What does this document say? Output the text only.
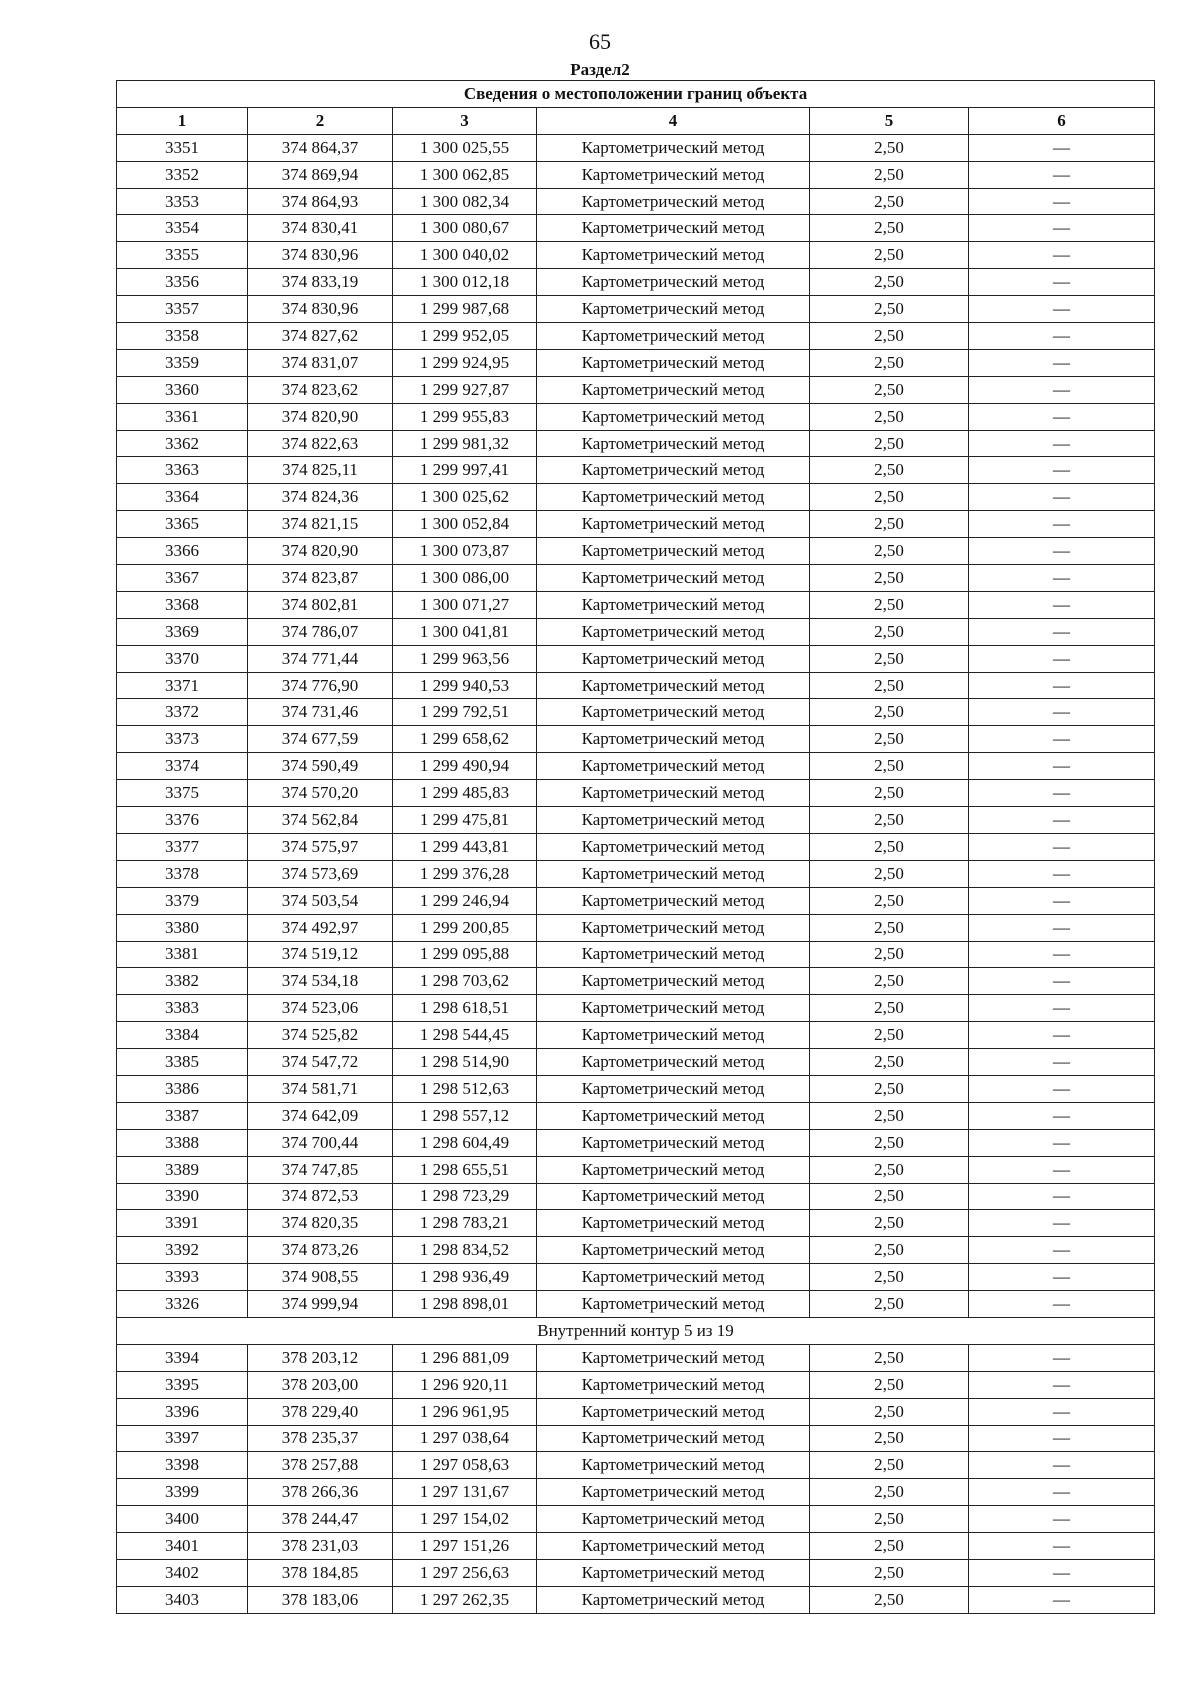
65
Раздел2
Сведения о местоположении границ объекта					
1	2	3	4	5	6
3351	374 864,37	1 300 025,55	Картометрический метод	2,50	—
3352	374 869,94	1 300 062,85	Картометрический метод	2,50	—
3353	374 864,93	1 300 082,34	Картометрический метод	2,50	—
3354	374 830,41	1 300 080,67	Картометрический метод	2,50	—
3355	374 830,96	1 300 040,02	Картометрический метод	2,50	—
3356	374 833,19	1 300 012,18	Картометрический метод	2,50	—
3357	374 830,96	1 299 987,68	Картометрический метод	2,50	—
3358	374 827,62	1 299 952,05	Картометрический метод	2,50	—
3359	374 831,07	1 299 924,95	Картометрический метод	2,50	—
3360	374 823,62	1 299 927,87	Картометрический метод	2,50	—
3361	374 820,90	1 299 955,83	Картометрический метод	2,50	—
3362	374 822,63	1 299 981,32	Картометрический метод	2,50	—
3363	374 825,11	1 299 997,41	Картометрический метод	2,50	—
3364	374 824,36	1 300 025,62	Картометрический метод	2,50	—
3365	374 821,15	1 300 052,84	Картометрический метод	2,50	—
3366	374 820,90	1 300 073,87	Картометрический метод	2,50	—
3367	374 823,87	1 300 086,00	Картометрический метод	2,50	—
3368	374 802,81	1 300 071,27	Картометрический метод	2,50	—
3369	374 786,07	1 300 041,81	Картометрический метод	2,50	—
3370	374 771,44	1 299 963,56	Картометрический метод	2,50	—
3371	374 776,90	1 299 940,53	Картометрический метод	2,50	—
3372	374 731,46	1 299 792,51	Картометрический метод	2,50	—
3373	374 677,59	1 299 658,62	Картометрический метод	2,50	—
3374	374 590,49	1 299 490,94	Картометрический метод	2,50	—
3375	374 570,20	1 299 485,83	Картометрический метод	2,50	—
3376	374 562,84	1 299 475,81	Картометрический метод	2,50	—
3377	374 575,97	1 299 443,81	Картометрический метод	2,50	—
3378	374 573,69	1 299 376,28	Картометрический метод	2,50	—
3379	374 503,54	1 299 246,94	Картометрический метод	2,50	—
3380	374 492,97	1 299 200,85	Картометрический метод	2,50	—
3381	374 519,12	1 299 095,88	Картометрический метод	2,50	—
3382	374 534,18	1 298 703,62	Картометрический метод	2,50	—
3383	374 523,06	1 298 618,51	Картометрический метод	2,50	—
3384	374 525,82	1 298 544,45	Картометрический метод	2,50	—
3385	374 547,72	1 298 514,90	Картометрический метод	2,50	—
3386	374 581,71	1 298 512,63	Картометрический метод	2,50	—
3387	374 642,09	1 298 557,12	Картометрический метод	2,50	—
3388	374 700,44	1 298 604,49	Картометрический метод	2,50	—
3389	374 747,85	1 298 655,51	Картометрический метод	2,50	—
3390	374 872,53	1 298 723,29	Картометрический метод	2,50	—
3391	374 820,35	1 298 783,21	Картометрический метод	2,50	—
3392	374 873,26	1 298 834,52	Картометрический метод	2,50	—
3393	374 908,55	1 298 936,49	Картометрический метод	2,50	—
3326	374 999,94	1 298 898,01	Картометрический метод	2,50	—
Внутренний контур 5 из 19					
3394	378 203,12	1 296 881,09	Картометрический метод	2,50	—
3395	378 203,00	1 296 920,11	Картометрический метод	2,50	—
3396	378 229,40	1 296 961,95	Картометрический метод	2,50	—
3397	378 235,37	1 297 038,64	Картометрический метод	2,50	—
3398	378 257,88	1 297 058,63	Картометрический метод	2,50	—
3399	378 266,36	1 297 131,67	Картометрический метод	2,50	—
3400	378 244,47	1 297 154,02	Картометрический метод	2,50	—
3401	378 231,03	1 297 151,26	Картометрический метод	2,50	—
3402	378 184,85	1 297 256,63	Картометрический метод	2,50	—
3403	378 183,06	1 297 262,35	Картометрический метод	2,50	—
